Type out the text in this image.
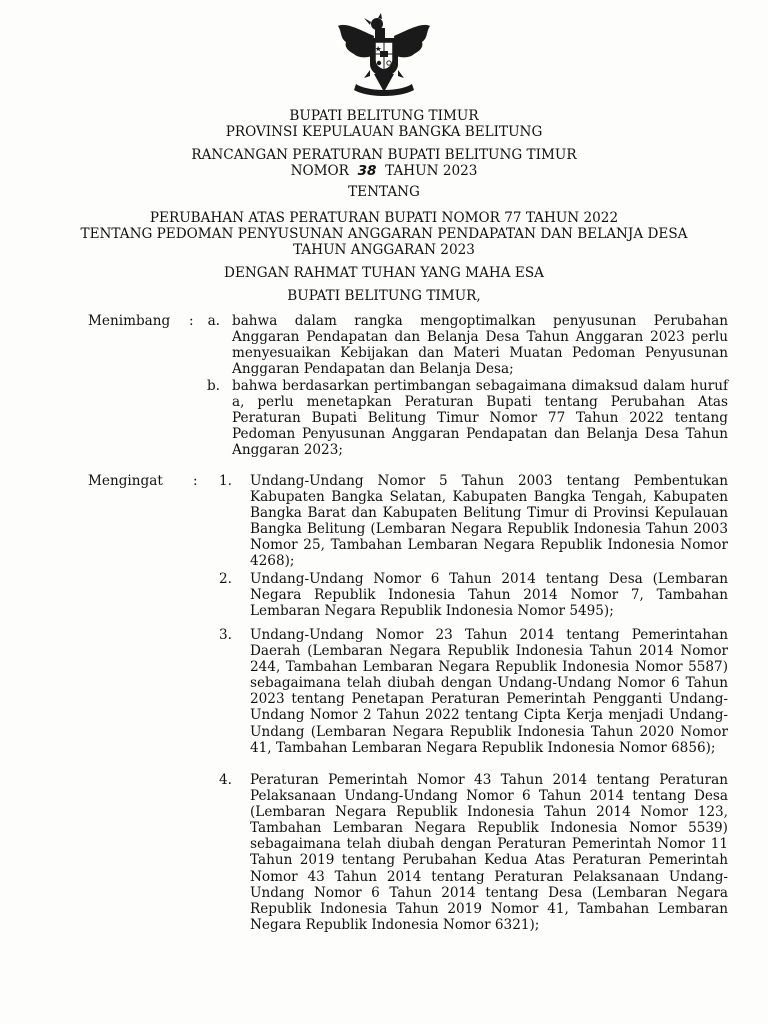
BUPATI BELITUNG TIMUR
PROVINSI KEPULAUAN BANGKA BELITUNG
RANCANGAN PERATURAN BUPATI BELITUNG TIMUR
NOMOR 38 TAHUN 2023
TENTANG
PERUBAHAN ATAS PERATURAN BUPATI NOMOR 77 TAHUN 2022
TENTANG PEDOMAN PENYUSUNAN ANGGARAN PENDAPATAN DAN BELANJA DESA
TAHUN ANGGARAN 2023
DENGAN RAHMAT TUHAN YANG MAHA ESA
BUPATI BELITUNG TIMUR,
Menimbang :	a. bahwa dalam rangka mengoptimalkan penyusunan Perubahan Anggaran Pendapatan dan Belanja Desa Tahun Anggaran 2023 perlu menyesuaikan Kebijakan dan Materi Muatan Pedoman Penyusunan Anggaran Pendapatan dan Belanja Desa;
b. bahwa berdasarkan pertimbangan sebagaimana dimaksud dalam huruf a, perlu menetapkan Peraturan Bupati tentang Perubahan Atas Peraturan Bupati Belitung Timur Nomor 77 Tahun 2022 tentang Pedoman Penyusunan Anggaran Pendapatan dan Belanja Desa Tahun Anggaran 2023;
Mengingat :	1. Undang-Undang Nomor 5 Tahun 2003 tentang Pembentukan Kabupaten Bangka Selatan, Kabupaten Bangka Tengah, Kabupaten Bangka Barat dan Kabupaten Belitung Timur di Provinsi Kepulauan Bangka Belitung (Lembaran Negara Republik Indonesia Tahun 2003 Nomor 25, Tambahan Lembaran Negara Republik Indonesia Nomor 4268);
2. Undang-Undang Nomor 6 Tahun 2014 tentang Desa (Lembaran Negara Republik Indonesia Tahun 2014 Nomor 7, Tambahan Lembaran Negara Republik Indonesia Nomor 5495);
3. Undang-Undang Nomor 23 Tahun 2014 tentang Pemerintahan Daerah (Lembaran Negara Republik Indonesia Tahun 2014 Nomor 244, Tambahan Lembaran Negara Republik Indonesia Nomor 5587) sebagaimana telah diubah dengan Undang-Undang Nomor 6 Tahun 2023 tentang Penetapan Peraturan Pemerintah Pengganti Undang-Undang Nomor 2 Tahun 2022 tentang Cipta Kerja menjadi Undang-Undang (Lembaran Negara Republik Indonesia Tahun 2020 Nomor 41, Tambahan Lembaran Negara Republik Indonesia Nomor 6856);
4. Peraturan Pemerintah Nomor 43 Tahun 2014 tentang Peraturan Pelaksanaan Undang-Undang Nomor 6 Tahun 2014 tentang Desa (Lembaran Negara Republik Indonesia Tahun 2014 Nomor 123, Tambahan Lembaran Negara Republik Indonesia Nomor 5539) sebagaimana telah diubah dengan Peraturan Pemerintah Nomor 11 Tahun 2019 tentang Perubahan Kedua Atas Peraturan Pemerintah Nomor 43 Tahun 2014 tentang Peraturan Pelaksanaan Undang-Undang Nomor 6 Tahun 2014 tentang Desa (Lembaran Negara Republik Indonesia Tahun 2019 Nomor 41, Tambahan Lembaran Negara Republik Indonesia Nomor 6321);
